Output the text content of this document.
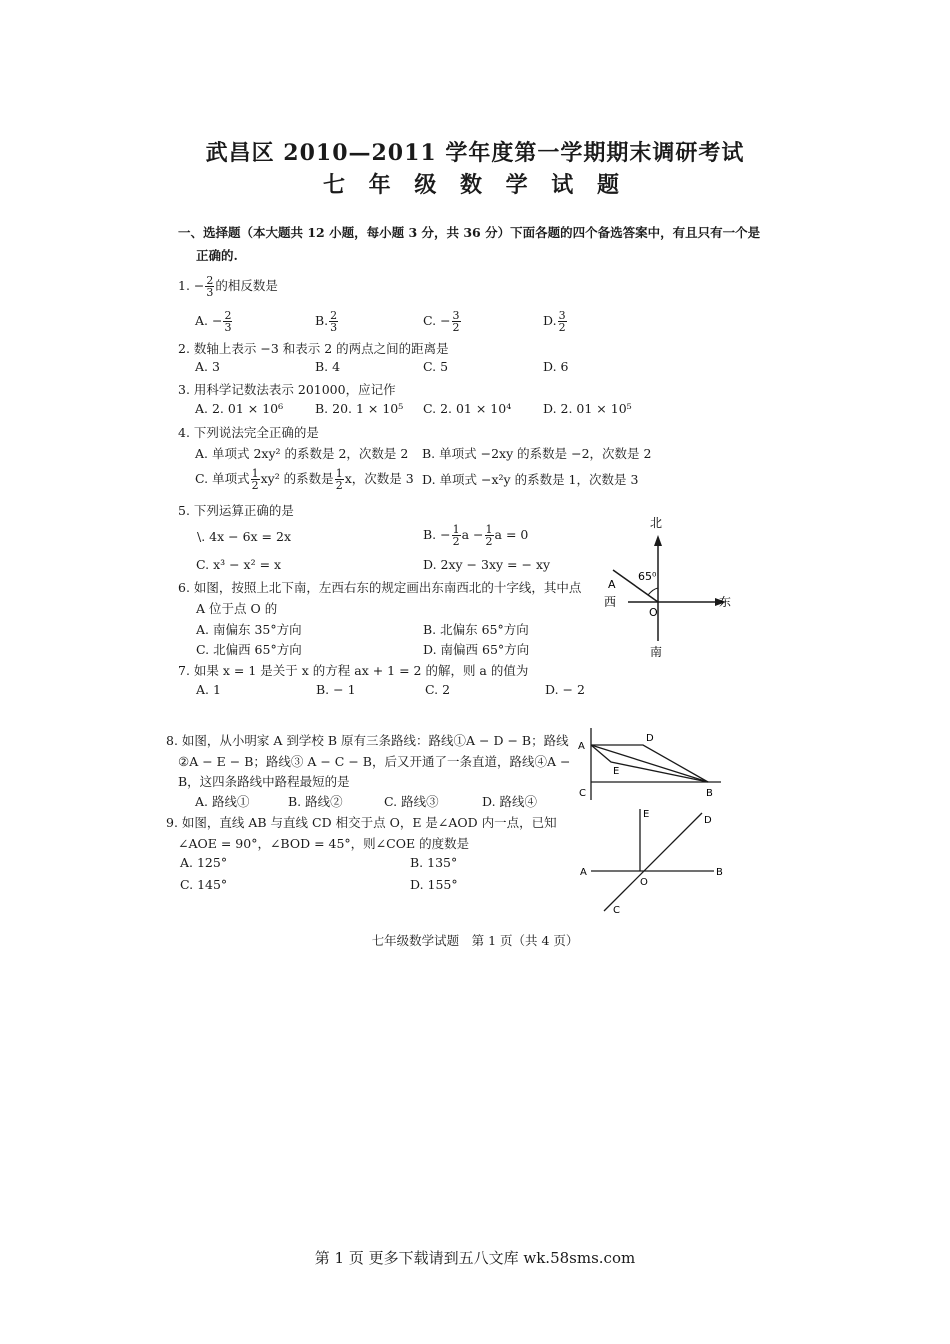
武昌区 2010—2011 学年度第一学期期末调研考试
七 年 级 数 学 试 题
一、选择题（本大题共 12 小题，每小题 3 分，共 36 分）下面各题的四个备选答案中，有且只有一个是
正确的.
1. − $\frac{2}{3}$ 的相反数是
A. − $\frac{2}{3}$	B. $\frac{2}{3}$	C. − $\frac{3}{2}$	D. $\frac{3}{2}$
2. 数轴上表示 −3 和表示 2 的两点之间的距离是
A. 3	B. 4	C. 5	D. 6
3. 用科学记数法表示 201000，应记作
A. 2. 01 × 10⁶	B. 20. 1 × 10⁵ C. 2. 01 × 10⁴	D. 2. 01 × 10⁵
4. 下列说法完全正确的是
A. 单项式 2xy² 的系数是 2，次数是 2 B. 单项式 −2xy 的系数是 −2，次数是 2
C. 单项式 $\frac{1}{2} xy^2$ 的系数是 $\frac{1}{2}$ x，次数是 3 D. 单项式 −x²y 的系数是 1，次数是 3
5. 下列运算正确的是
\. 4x − 6x = 2x	B. − $\frac{1}{2}$ $a - \frac{1}{2}$ a = 0
C. x³ − x² = x	D. 2xy − 3xy = − xy
6. 如图，按照上北下南，左西右东的规定画出东南西北的十字线，其中点
A 位于点 O 的
A. 南偏东 35°方向	B. 北偏东 65°方向
C. 北偏西 65°方向	D. 南偏西 65°方向
北
南
东
西
A
O
65⁰
7. 如果 x = 1 是关于 x 的方程 ax + 1 = 2 的解，则 a 的值为
A. 1	B. − 1	C. 2	D. − 2
8. 如图，从小明家 A 到学校 B 原有三条路线：路线①A − D − B；路线
②A − E − B；路线③ A − C − B，后又开通了一条直道，路线④A −
B，这四条路线中路程最短的是
A. 路线①	B. 路线②	C. 路线③	D. 路线④
A
D
E
C	B
9. 如图，直线 AB 与直线 CD 相交于点 O，E 是∠AOD 内一点，已知
∠AOE = 90°，∠BOD = 45°，则∠COE 的度数是
A. 125°	B. 135°
C. 145°	D. 155°
A	B
E
D
C
O
七年级数学试题　第 1 页（共 4 页）
第 1 页 更多下载请到五八文库 wk.58sms.com
